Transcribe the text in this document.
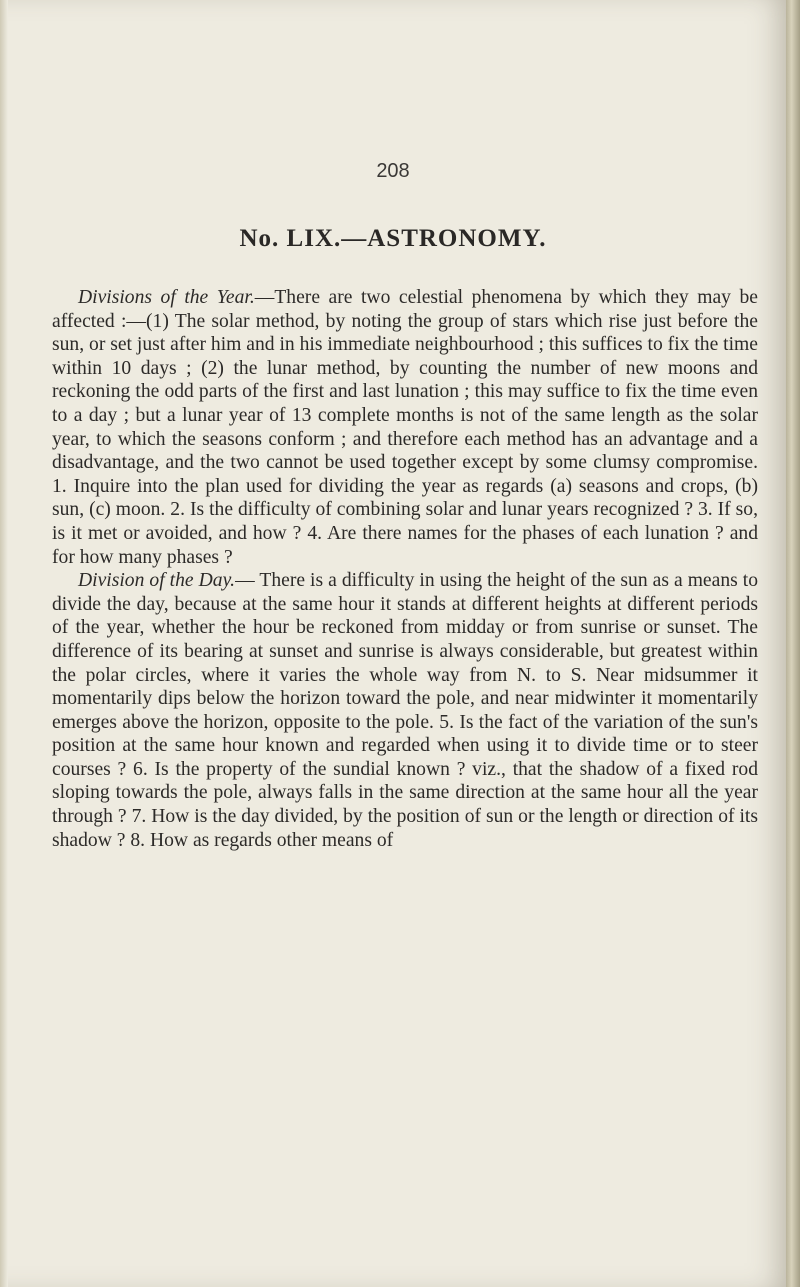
208
No. LIX.—ASTRONOMY.

Divisions of the Year.—There are two celestial phenomena by which they may be affected :—(1) The solar method, by noting the group of stars which rise just before the sun, or set just after him and in his immediate neighbourhood ; this suffices to fix the time within 10 days ; (2) the lunar method, by counting the number of new moons and reckoning the odd parts of the first and last lunation ; this may suffice to fix the time even to a day ; but a lunar year of 13 complete months is not of the same length as the solar year, to which the seasons conform ; and therefore each method has an advantage and a disadvantage, and the two cannot be used together except by some clumsy compromise. 1. Inquire into the plan used for dividing the year as regards (a) seasons and crops, (b) sun, (c) moon. 2. Is the difficulty of combining solar and lunar years recognized ? 3. If so, is it met or avoided, and how ? 4. Are there names for the phases of each lunation ? and for how many phases ?

Division of the Day.— There is a difficulty in using the height of the sun as a means to divide the day, because at the same hour it stands at different heights at different periods of the year, whether the hour be reckoned from midday or from sunrise or sunset. The difference of its bearing at sunset and sunrise is always considerable, but greatest within the polar circles, where it varies the whole way from N. to S. Near midsummer it momentarily dips below the horizon toward the pole, and near midwinter it momentarily emerges above the horizon, opposite to the pole. 5. Is the fact of the variation of the sun's position at the same hour known and regarded when using it to divide time or to steer courses ? 6. Is the property of the sundial known ? viz., that the shadow of a fixed rod sloping towards the pole, always falls in the same direction at the same hour all the year through ? 7. How is the day divided, by the position of sun or the length or direction of its shadow ? 8. How as regards other means of
